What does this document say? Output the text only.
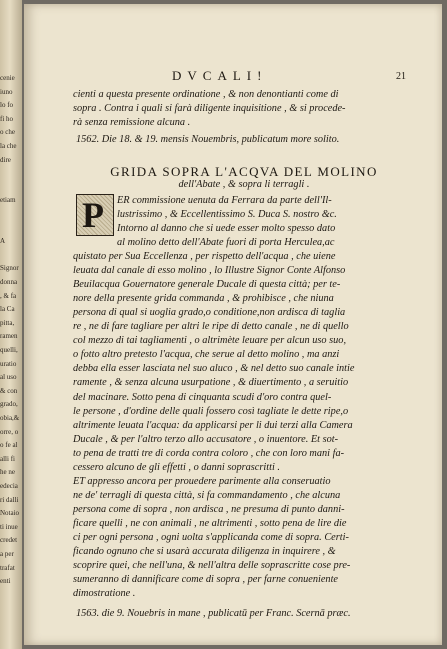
cenie
iuno
lo fo
fi ho
o che
la che
dire
etiam
A
Signor
donna
, & fa
la Ca
pitta,
ramen
quelli,
uratio
al uso
& con
grado,
obia,&
orre, o
o fe al
alli fi
he ne
edecia
ri dalli
Notaio
ti inue
credet
a per
trafat
enti
DVCALI!	21
cienti a questa presente ordinatione , & non denontianti come di
sopra . Contra i quali si farà diligente inquisitione , & si procede-
rà senza remissione alcuna .
1562. Die 18. & 19. mensis Nouembris, publicatum more solito.
GRIDA SOPRA L'ACQVA DEL MOLINO
dell'Abate , & sopra li terragli .
P ER commissione uenuta da Ferrara da parte dell'Il-
lustrissimo , & Eccellentissimo S. Duca S. nostro &c.
Intorno al danno che si uede esser molto spesso dato
al molino detto dell'Abate fuori di porta Herculea,ac
quistato per Sua Eccellenza , per rispetto dell'acqua , che uiene
leuata dal canale di esso molino , lo Illustre Signor Conte Alfonso
Beuilacqua Gouernatore generale Ducale di questa città; per te-
nore della presente grida commanda , & prohibisce , che niuna
persona di qual si uoglia grado,o conditione,non ardisca di taglia
re , ne di fare tagliare per altri le ripe di detto canale , ne di quello
col mezzo di tai tagliamenti , o altrimète leuare per alcun uso suo,
o fotto altro pretesto l'acqua, che serue al detto molino , ma anzi
debba ella esser lasciata nel suo aluco , & nel detto suo canale intie
ramente , & senza alcuna usurpatione , & diuertimento , a seruitio
del macinare. Sotto pena di cinquanta scudi d'oro contra quel-
le persone , d'ordine delle quali fossero così tagliate le dette ripe,o
altrimente leuata l'acqua: da applicarsi per li dui terzi alla Camera
Ducale , & per l'altro terzo allo accusatore , o inuentore. Et sot-
to pena de tratti tre di corda contra coloro , che con loro mani fa-
cessero alcuno de gli effetti , o danni soprascritti .
ET appresso ancora per prouedere parimente alla conseruatio
ne de' terragli di questa città, si fa commandamento , che alcuna
persona come di sopra , non ardisca , ne presuma di punto danni-
ficare quelli , ne con animali , ne altrimenti , sotto pena de lire die
ci per ogni persona , ogni uolta s'applicanda come di sopra. Certi-
ficando ognuno che si usarà accurata diligenza in inquirere , &
scoprire quei, che nell'una, & nell'altra delle soprascritte cose pre-
sumeranno di dannificare come di sopra , per farne conueniente
dimostratione .
1563. die 9. Nouebris in mane , publicatū per Franc. Scernā præc.
